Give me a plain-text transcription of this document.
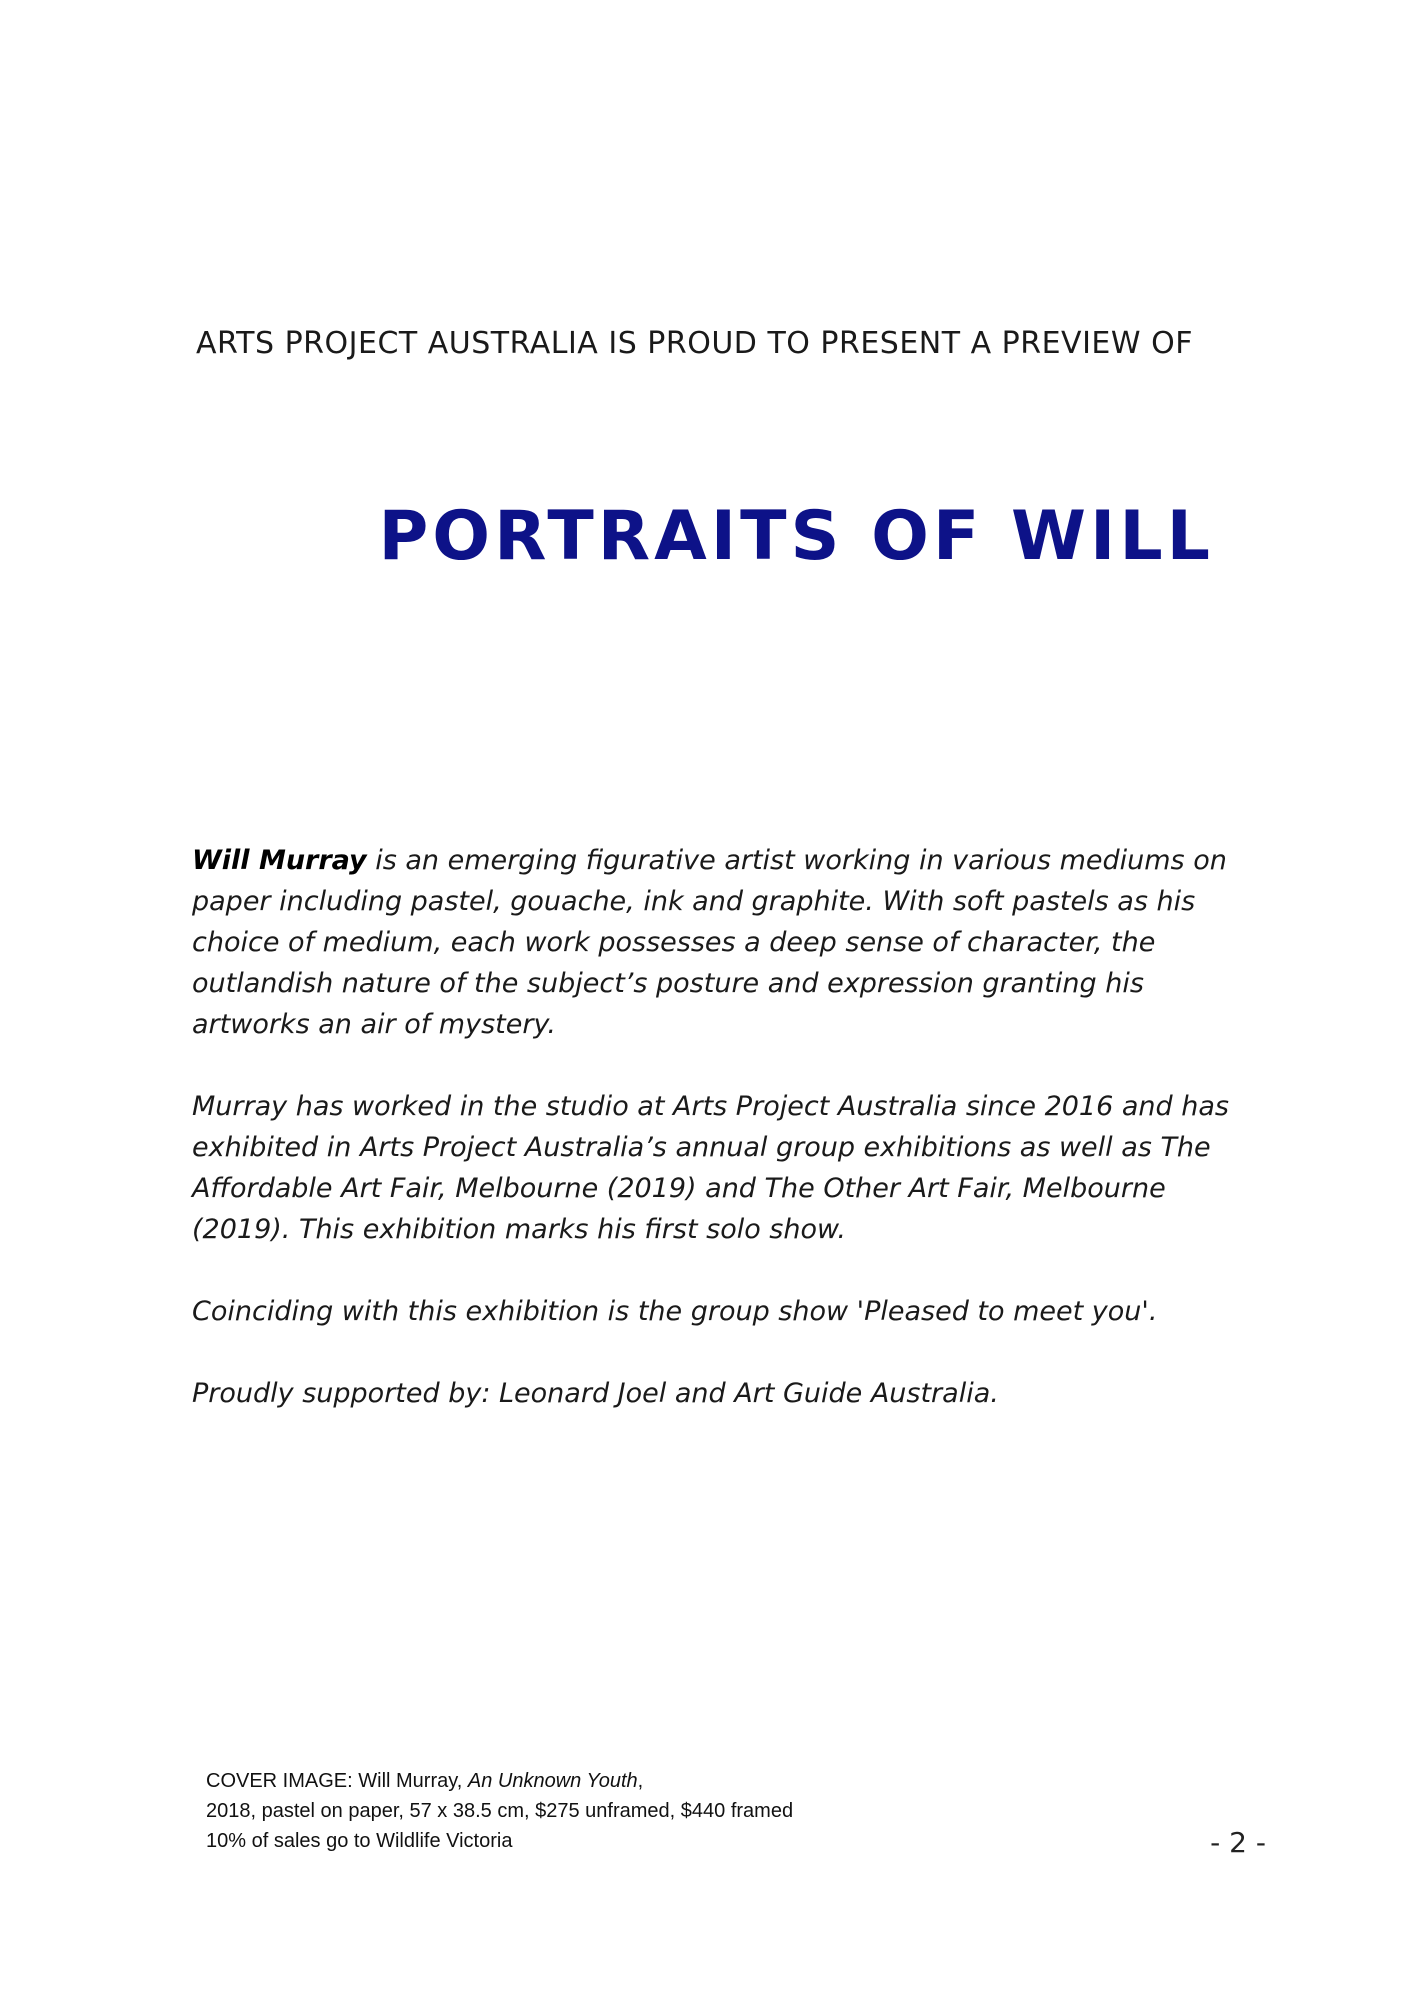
ARTS PROJECT AUSTRALIA IS PROUD TO PRESENT A PREVIEW OF
PORTRAITS OF WILL

Will Murray is an emerging figurative artist working in various mediums on paper including pastel, gouache, ink and graphite. With soft pastels as his choice of medium, each work possesses a deep sense of character, the outlandish nature of the subject’s posture and expression granting his artworks an air of mystery.

Murray has worked in the studio at Arts Project Australia since 2016 and has exhibited in Arts Project Australia’s annual group exhibitions as well as The Affordable Art Fair, Melbourne (2019) and The Other Art Fair, Melbourne (2019). This exhibition marks his first solo show.

Coinciding with this exhibition is the group show 'Pleased to meet you'.

Proudly supported by: Leonard Joel and Art Guide Australia.

COVER IMAGE: Will Murray, An Unknown Youth,
2018, pastel on paper, 57 x 38.5 cm, $275 unframed, $440 framed
10% of sales go to Wildlife Victoria	- 2 -
